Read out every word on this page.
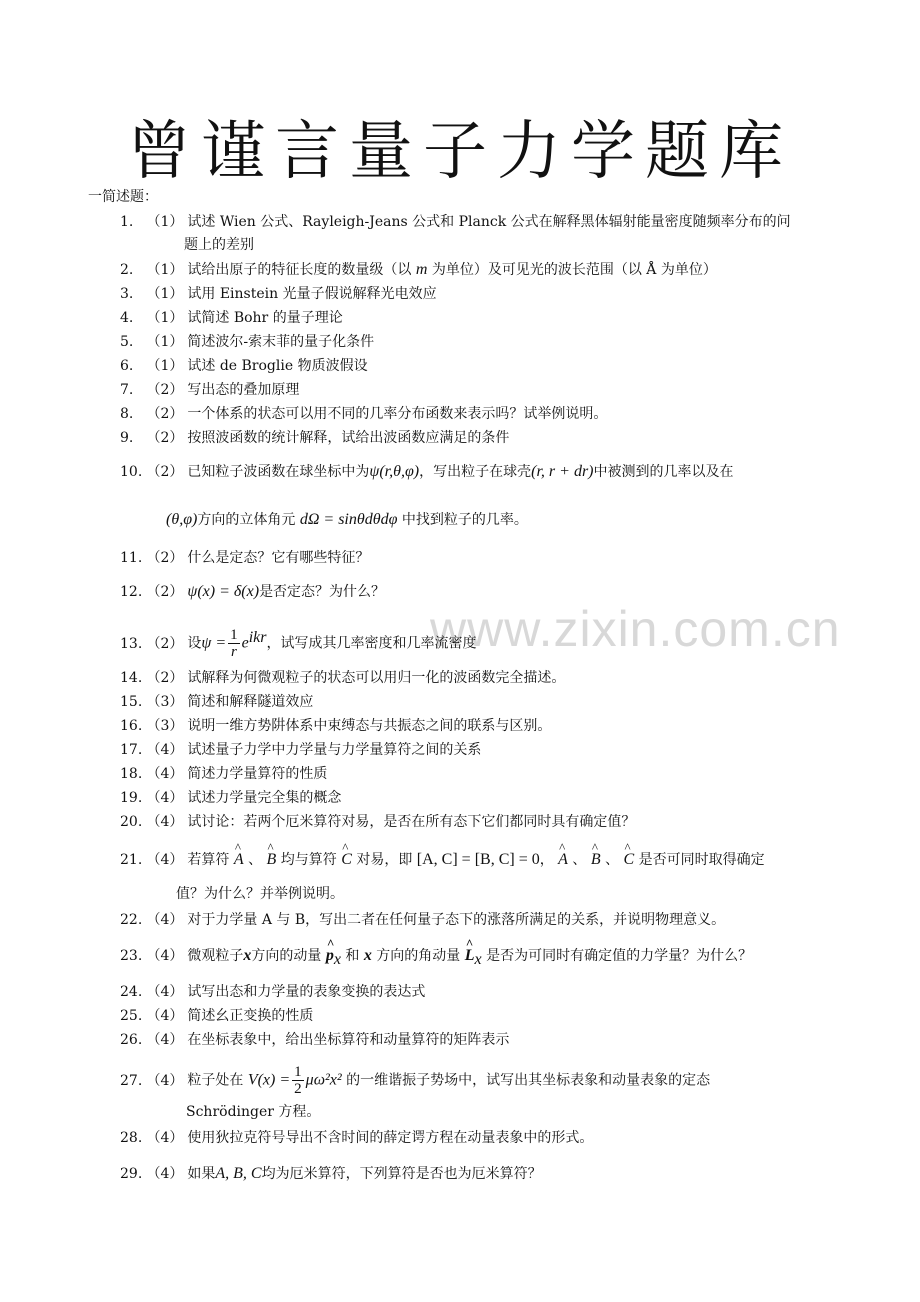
曾谨言量子力学题库
一简述题：
www.zixin.com.cn
1. （1） 试述 Wien 公式、Rayleigh-Jeans 公式和 Planck 公式在解释黑体辐射能量密度随频率分布的问
题上的差别
2. （1） 试给出原子的特征长度的数量级（以 m 为单位）及可见光的波长范围（以 Å 为单位）
3. （1） 试用 Einstein 光量子假说解释光电效应
4. （1） 试简述 Bohr 的量子理论
5. （1） 简述波尔-索末菲的量子化条件
6. （1） 试述 de Broglie 物质波假设
7. （2） 写出态的叠加原理
8. （2） 一个体系的状态可以用不同的几率分布函数来表示吗？试举例说明。
9. （2） 按照波函数的统计解释，试给出波函数应满足的条件
10. （2） 已知粒子波函数在球坐标中为ψ(r,θ,φ)，写出粒子在球壳(r, r + dr)中被测到的几率以及在
(θ,φ)方向的立体角元 dΩ = sinθdθdφ 中找到粒子的几率。
11. （2） 什么是定态？它有哪些特征？
12. （2） ψ(x) = δ(x)是否定态？为什么？
13. （2） 设$\psi = \frac{1}{r} e^{ikr}$，试写成其几率密度和几率流密度
14. （2） 试解释为何微观粒子的状态可以用归一化的波函数完全描述。
15. （3） 简述和解释隧道效应
16. （3） 说明一维方势阱体系中束缚态与共振态之间的联系与区别。
17. （4） 试述量子力学中力学量与力学量算符之间的关系
18. （4） 简述力学量算符的性质
19. （4） 试述力学量完全集的概念
20. （4） 试讨论：若两个厄米算符对易，是否在所有态下它们都同时具有确定值？
21. （4） 若算符 ^ A 、 ^ B 均与算符 ^ C 对易，即 [A, C] = [B, C] = 0， ^ A 、 ^ B 、 ^ C 是否可同时取得确定
值？为什么？并举例说明。
22. （4） 对于力学量 A 与 B，写出二者在任何量子态下的涨落所满足的关系，并说明物理意义。
23. （4） 微观粒子x方向的动量 ^ $p_x$ 和 x 方向的角动量 ^ $L_x$ 是否为可同时有确定值的力学量？为什么？
24. （4） 试写出态和力学量的表象变换的表达式
25. （4） 简述幺正变换的性质
26. （4） 在坐标表象中，给出坐标算符和动量算符的矩阵表示
27. （4） 粒子处在 $V(x) = \frac{1}{2} \mu\omega^2x^2$ 的一维谐振子势场中，试写出其坐标表象和动量表象的定态
Schrödinger 方程。
28. （4） 使用狄拉克符号导出不含时间的薛定谔方程在动量表象中的形式。
29. （4） 如果A, B, C均为厄米算符，下列算符是否也为厄米算符？
